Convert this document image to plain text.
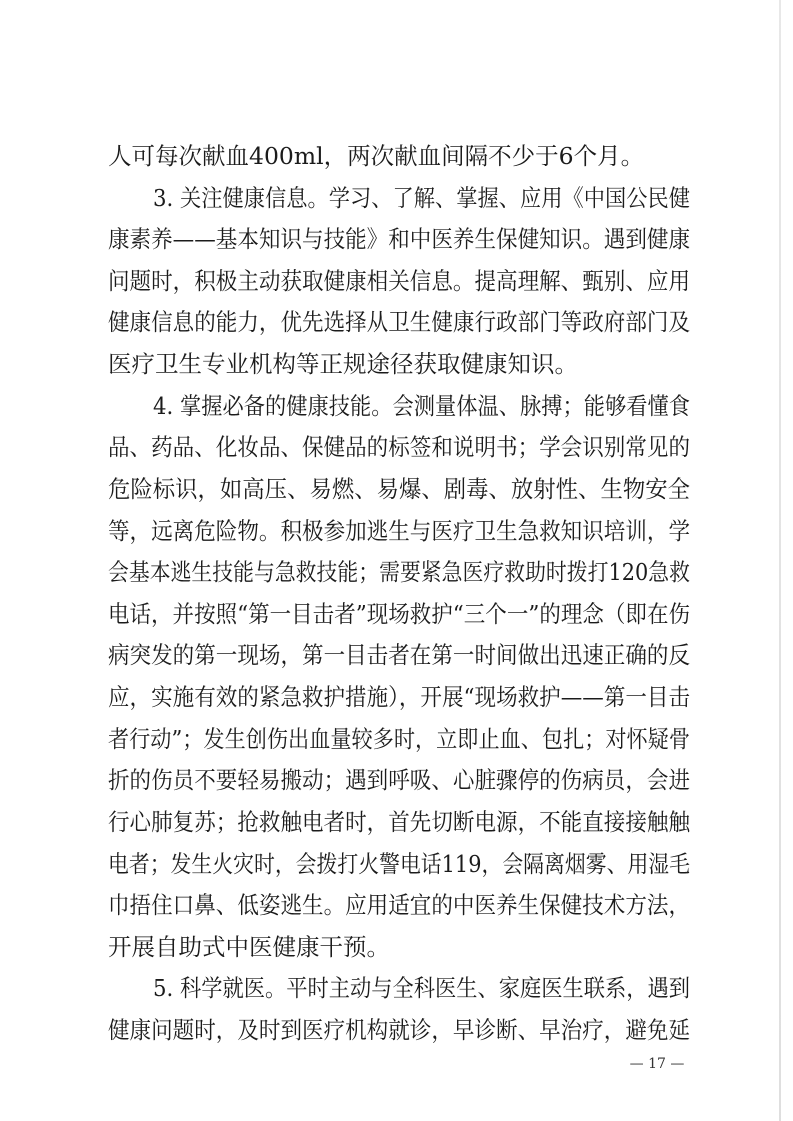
人可每次献血400ml，两次献血间隔不少于6个月。
3. 关注健康信息。学习、了解、掌握、应用《中国公民健
康素养——基本知识与技能》和中医养生保健知识。遇到健康
问题时，积极主动获取健康相关信息。提高理解、甄别、应用
健康信息的能力，优先选择从卫生健康行政部门等政府部门及
医疗卫生专业机构等正规途径获取健康知识。
4. 掌握必备的健康技能。会测量体温、脉搏；能够看懂食
品、药品、化妆品、保健品的标签和说明书；学会识别常见的
危险标识，如高压、易燃、易爆、剧毒、放射性、生物安全
等，远离危险物。积极参加逃生与医疗卫生急救知识培训，学
会基本逃生技能与急救技能；需要紧急医疗救助时拨打120急救
电话，并按照“第一目击者”现场救护“三个一”的理念（即在伤
病突发的第一现场，第一目击者在第一时间做出迅速正确的反
应，实施有效的紧急救护措施），开展“现场救护——第一目击
者行动”；发生创伤出血量较多时，立即止血、包扎；对怀疑骨
折的伤员不要轻易搬动；遇到呼吸、心脏骤停的伤病员，会进
行心肺复苏；抢救触电者时，首先切断电源，不能直接接触触
电者；发生火灾时，会拨打火警电话119，会隔离烟雾、用湿毛
巾捂住口鼻、低姿逃生。应用适宜的中医养生保健技术方法，
开展自助式中医健康干预。
5. 科学就医。平时主动与全科医生、家庭医生联系，遇到
健康问题时，及时到医疗机构就诊，早诊断、早治疗，避免延
— 17 —
